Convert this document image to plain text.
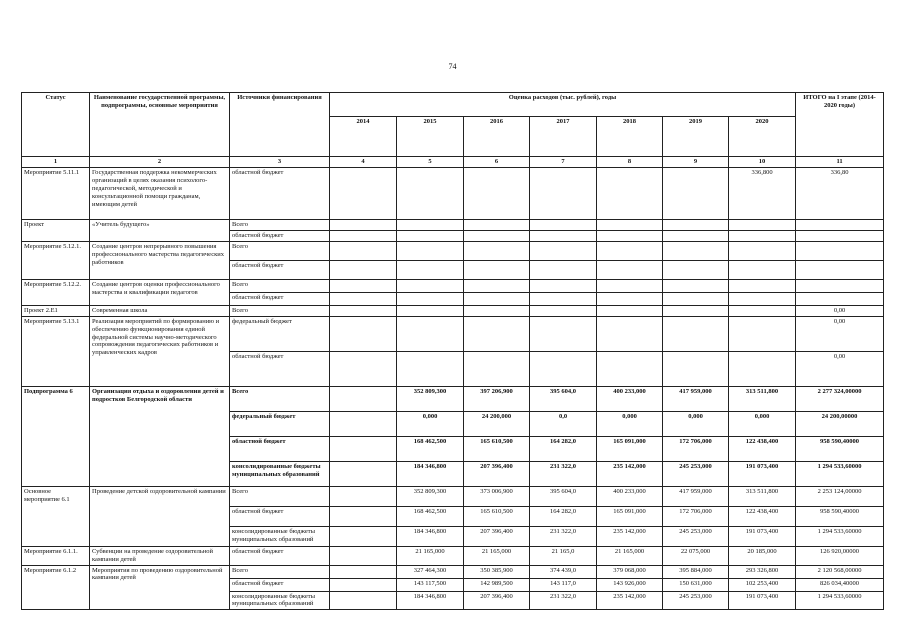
74
Статус	Наименование государственной программы, подпрограммы, основные мероприятия	Источники финансирования	Оценка расходов (тыс. рублей), годы							ИТОГО на I этапе (2014-2020 годы)
			2014	2015	2016	2017	2018	2019	2020	
1	2	3	4	5	6	7	8	9	10	11
Мероприятие 5.11.1	Государственная поддержка некоммерческих организаций в целях оказания психолого-педагогической, методической и консультационной помощи гражданам, имеющим детей	областной бюджет							336,800	336,80
Проект	«Учитель будущего»	Всего								
		областной бюджет								
Мероприятие 5.12.1.	Создание центров непрерывного повышения профессионального мастерства педагогических работников	Всего								
		областной бюджет								
Мероприятие 5.12.2.	Создание центров оценки профессионального мастерства и квалификации педагогов	Всего								
		областной бюджет								
Проект 2.Е1	Современная школа	Всего								0,00
Мероприятие 5.13.1	Реализация мероприятий по формированию и обеспечению функционирования единой федеральной системы научно-методического сопровождения педагогических работников и управленческих кадров	федеральный бюджет								0,00
		областной бюджет								0,00
Подпрограмма 6	Организация отдыха и оздоровления детей и подростков Белгородской области	Всего		352 809,300	397 206,900	395 604,0	400 233,000	417 959,000	313 511,800	2 277 324,00000
		федеральный бюджет		0,000	24 200,000	0,0	0,000	0,000	0,000	24 200,00000
		областной бюджет		168 462,500	165 610,500	164 282,0	165 091,000	172 706,000	122 438,400	958 590,40000
		консолидированные бюджеты муниципальных образований		184 346,800	207 396,400	231 322,0	235 142,000	245 253,000	191 073,400	1 294 533,60000
Основное мероприятие 6.1	Проведение детской оздоровительной кампании	Всего		352 809,300	373 006,900	395 604,0	400 233,000	417 959,000	313 511,800	2 253 124,00000
		областной бюджет		168 462,500	165 610,500	164 282,0	165 091,000	172 706,000	122 438,400	958 590,40000
		консолидированные бюджеты муниципальных образований		184 346,800	207 396,400	231 322,0	235 142,000	245 253,000	191 073,400	1 294 533,60000
Мероприятие 6.1.1.	Субвенции на проведение оздоровительной кампании детей	областной бюджет		21 165,000	21 165,000	21 165,0	21 165,000	22 075,000	20 185,000	126 920,00000
Мероприятие 6.1.2	Мероприятия по проведению оздоровительной кампании детей	Всего		327 464,300	350 385,900	374 439,0	379 068,000	395 884,000	293 326,800	2 120 568,00000
		областной бюджет		143 117,500	142 989,500	143 117,0	143 926,000	150 631,000	102 253,400	826 034,40000
		консолидированные бюджеты муниципальных образований		184 346,800	207 396,400	231 322,0	235 142,000	245 253,000	191 073,400	1 294 533,60000
